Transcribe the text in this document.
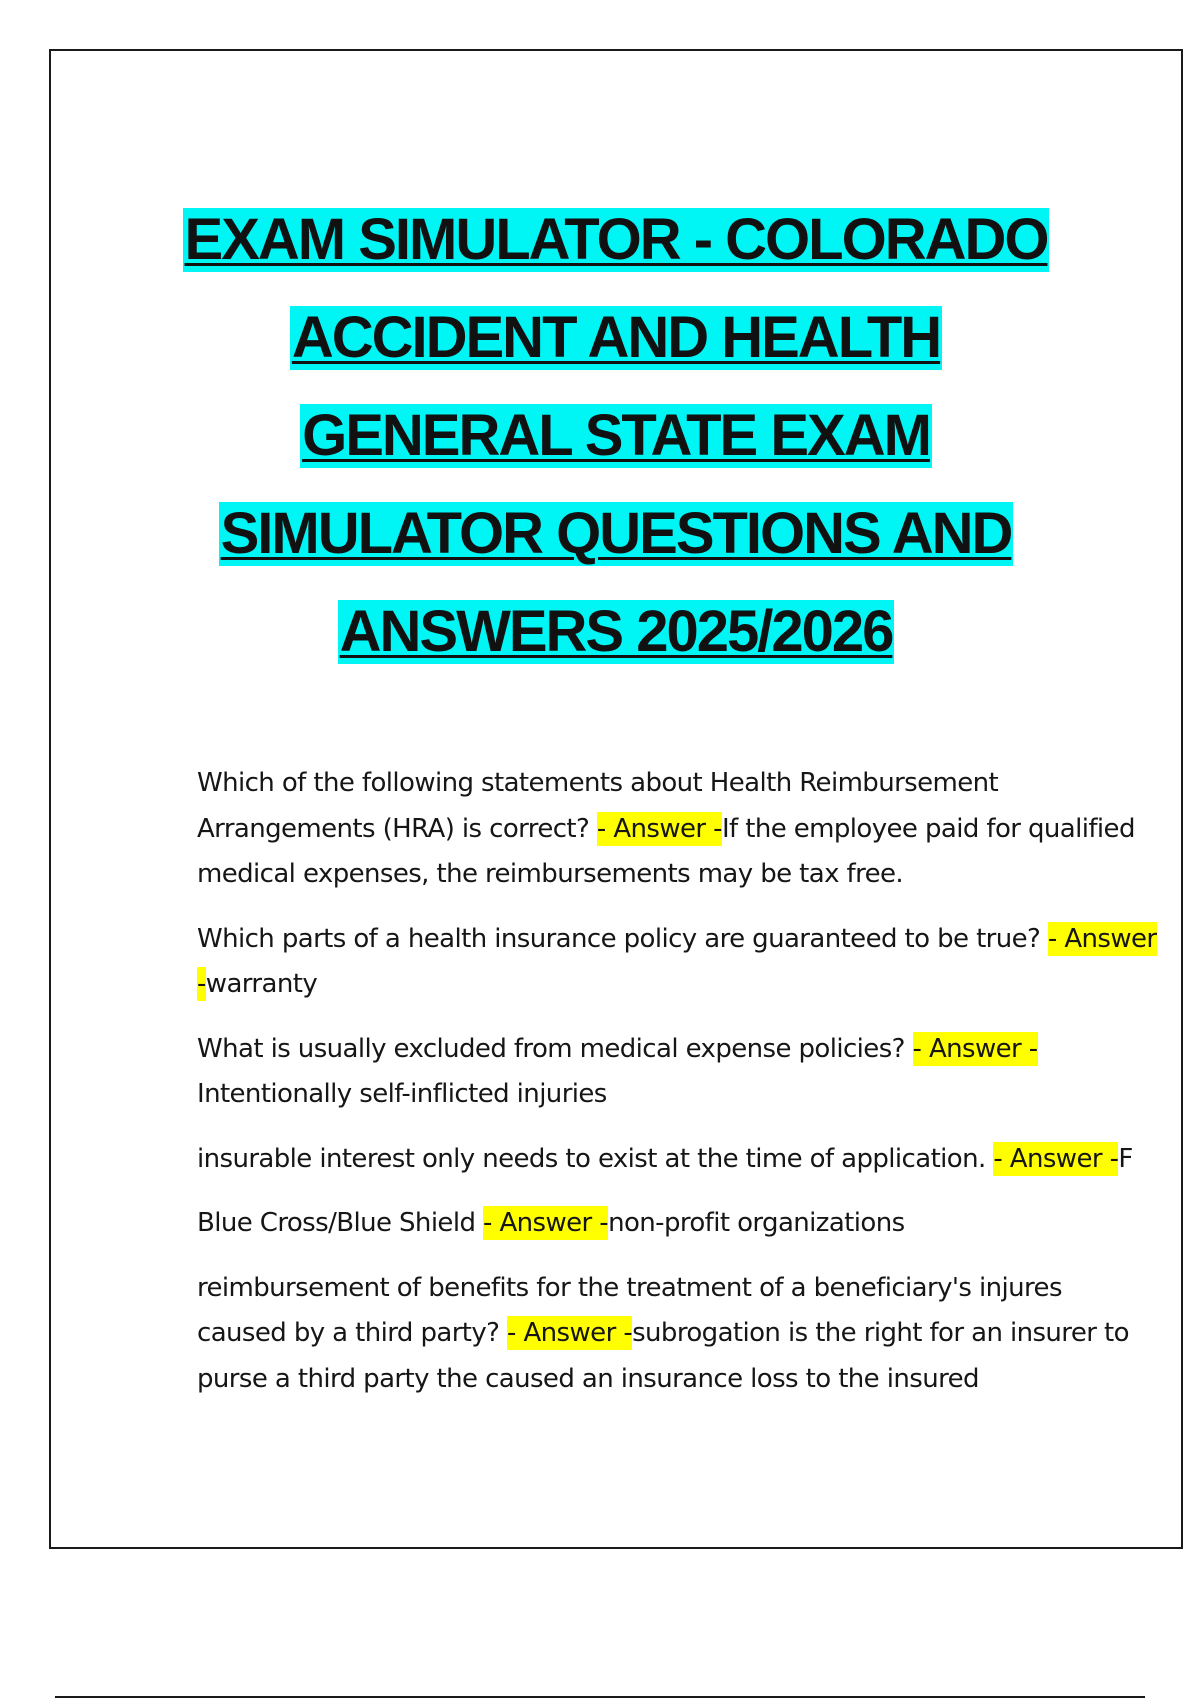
EXAM SIMULATOR - COLORADO
ACCIDENT AND HEALTH
GENERAL STATE EXAM
SIMULATOR QUESTIONS AND
ANSWERS 2025/2026

Which of the following statements about Health Reimbursement Arrangements (HRA) is correct? - Answer -If the employee paid for qualified medical expenses, the reimbursements may be tax free.

Which parts of a health insurance policy are guaranteed to be true? - Answer -warranty

What is usually excluded from medical expense policies? - Answer -Intentionally self-inflicted injuries

insurable interest only needs to exist at the time of application. - Answer -F

Blue Cross/Blue Shield - Answer -non-profit organizations

reimbursement of benefits for the treatment of a beneficiary's injures caused by a third party? - Answer -subrogation is the right for an insurer to purse a third party the caused an insurance loss to the insured
